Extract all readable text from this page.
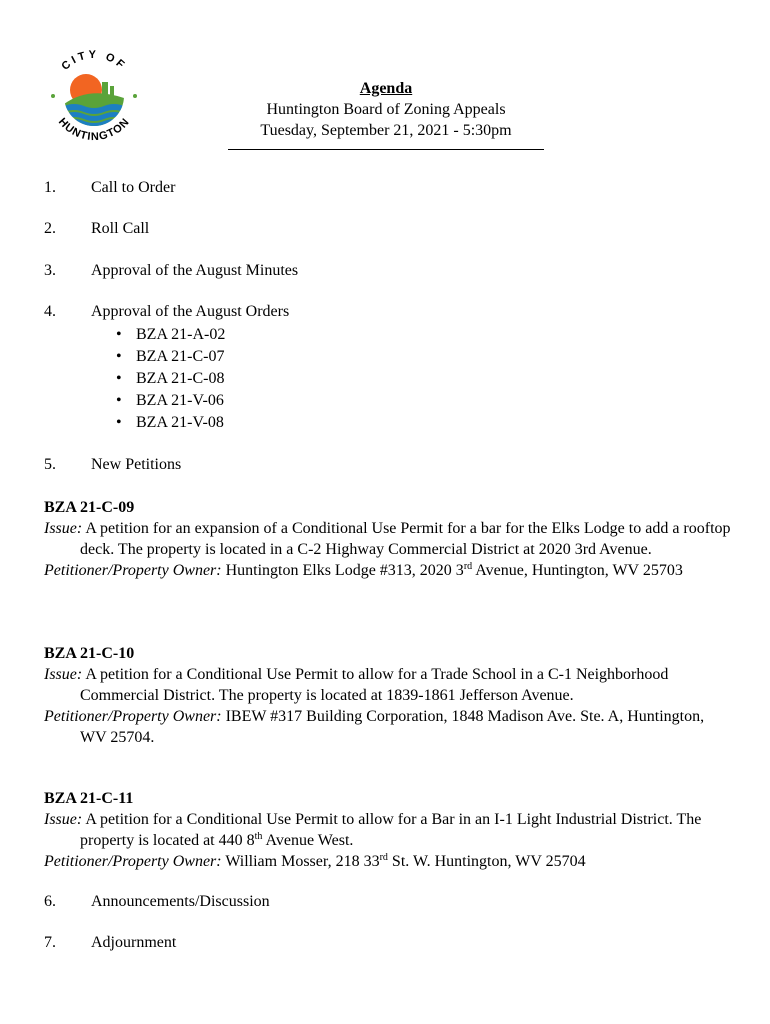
CITY OF
HUNTINGTON
Agenda
Huntington Board of Zoning Appeals
Tuesday, September 21, 2021 - 5:30pm
1. Call to Order
2. Roll Call
3. Approval of the August Minutes
4. Approval of the August Orders
• BZA 21-A-02
• BZA 21-C-07
• BZA 21-C-08
• BZA 21-V-06
• BZA 21-V-08
5. New Petitions
BZA 21-C-09
Issue: A petition for an expansion of a Conditional Use Permit for a bar for the Elks Lodge to add a rooftop deck. The property is located in a C-2 Highway Commercial District at 2020 3rd Avenue.
Petitioner/Property Owner: Huntington Elks Lodge #313, 2020 3rd Avenue, Huntington, WV 25703
BZA 21-C-10
Issue: A petition for a Conditional Use Permit to allow for a Trade School in a C-1 Neighborhood Commercial District. The property is located at 1839-1861 Jefferson Avenue.
Petitioner/Property Owner: IBEW #317 Building Corporation, 1848 Madison Ave. Ste. A, Huntington, WV 25704.
BZA 21-C-11
Issue: A petition for a Conditional Use Permit to allow for a Bar in an I-1 Light Industrial District. The property is located at 440 8th Avenue West.
Petitioner/Property Owner: William Mosser, 218 33rd St. W. Huntington, WV 25704
6. Announcements/Discussion
7. Adjournment
